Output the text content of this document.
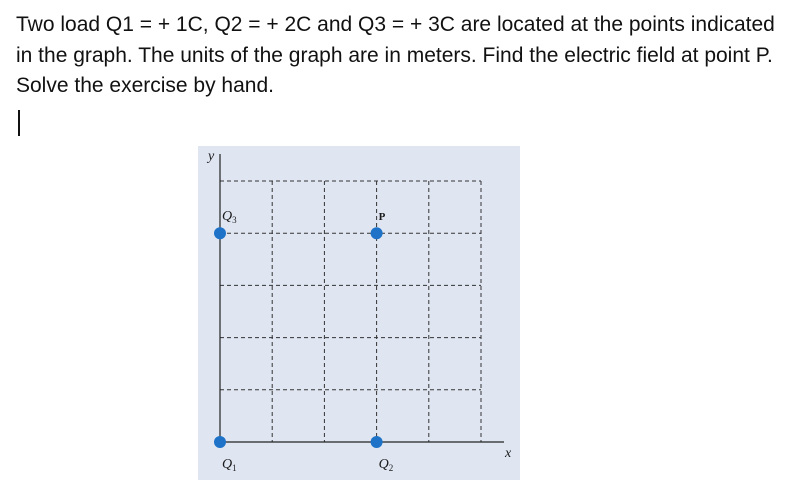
Two load Q1 = + 1C, Q2 = + 2C and Q3 = + 3C are located at the points indicated in the graph. The units of the graph are in meters. Find the electric field at point P. Solve the exercise by hand.

x
y
$Q_1$	$Q_2$
$Q_3$	P
